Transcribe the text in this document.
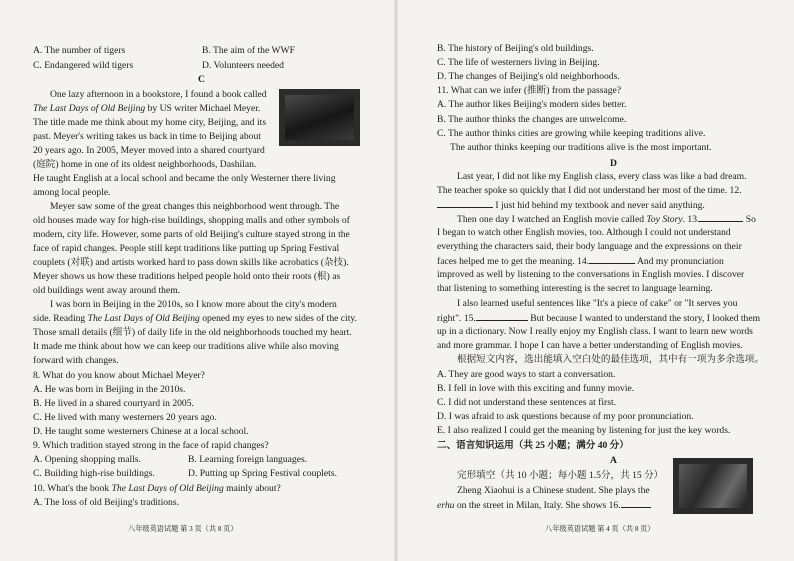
A. The number of tigers	B. The aim of the WWF
C. Endangered wild tigers	D. Volunteers needed
C
One lazy afternoon in a bookstore, I found a book called
The Last Days of Old Beijing by US writer Michael Meyer.
The title made me think about my home city, Beijing, and its
past. Meyer's writing takes us back in time to Beijing about
20 years ago. In 2005, Meyer moved into a shared courtyard
(庭院) home in one of its oldest neighborhoods, Dashilan.
He taught English at a local school and became the only Westerner there living
among local people.
Meyer saw some of the great changes this neighborhood went through. The
old houses made way for high-rise buildings, shopping malls and other symbols of
modern, city life. However, some parts of old Beijing's culture stayed strong in the
face of rapid changes. People still kept traditions like putting up Spring Festival
couplets (对联) and artists worked hard to pass down skills like acrobatics (杂技).
Meyer shows us how these traditions helped people hold onto their roots (根) as
old buildings went away around them.
I was born in Beijing in the 2010s, so I know more about the city's modern
side. Reading The Last Days of Old Beijing opened my eyes to new sides of the city.
Those small details (细节) of daily life in the old neighborhoods touched my heart.
It made me think about how we can keep our traditions alive while also moving
forward with changes.
8. What do you know about Michael Meyer?
A. He was born in Beijing in the 2010s.
B. He lived in a shared courtyard in 2005.
C. He lived with many westerners 20 years ago.
D. He taught some westerners Chinese at a local school.
9. Which tradition stayed strong in the face of rapid changes?
A. Opening shopping malls.	B. Learning foreign languages.
C. Building high-rise buildings.	D. Putting up Spring Festival couplets.
10. What's the book The Last Days of Old Beijing mainly about?
A. The loss of old Beijing's traditions.
八年级英语试题 第 3 页（共 8 页）
B. The history of Beijing's old buildings.
C. The life of westerners living in Beijing.
D. The changes of Beijing's old neighborhoods.
11. What can we infer (推断) from the passage?
A. The author likes Beijing's modern sides better.
B. The author thinks the changes are unwelcome.
C. The author thinks cities are growing while keeping traditions alive.
The author thinks keeping our traditions alive is the most important.
D
Last year, I did not like my English class, every class was like a bad dream.
The teacher spoke so quickly that I did not understand her most of the time. 12.
I just hid behind my textbook and never said anything.
Then one day I watched an English movie called Toy Story. 13.	So
I began to watch other English movies, too. Although I could not understand
everything the characters said, their body language and the expressions on their
faces helped me to get the meaning. 14.	And my pronunciation
improved as well by listening to the conversations in English movies. I discover
that listening to something interesting is the secret to language learning.
I also learned useful sentences like "It's a piece of cake" or "It serves you
right". 15.	But because I wanted to understand the story, I looked them
up in a dictionary. Now I really enjoy my English class. I want to learn new words
and more grammar. I hope I can have a better understanding of English movies.
根据短文内容，选出能填入空白处的最佳选项，其中有一项为多余选项。
A. They are good ways to start a conversation.
B. I fell in love with this exciting and funny movie.
C. I did not understand these sentences at first.
D. I was afraid to ask questions because of my poor pronunciation.
E. I also realized I could get the meaning by listening for just the key words.
二、语言知识运用（共 25 小题；满分 40 分）
A
完形填空（共 10 小题；每小题 1.5分，共 15 分）
Zheng Xiaohui is a Chinese student. She plays the
erhu on the street in Milan, Italy. She shows 16.
八年级英语试题 第 4 页（共 8 页）
